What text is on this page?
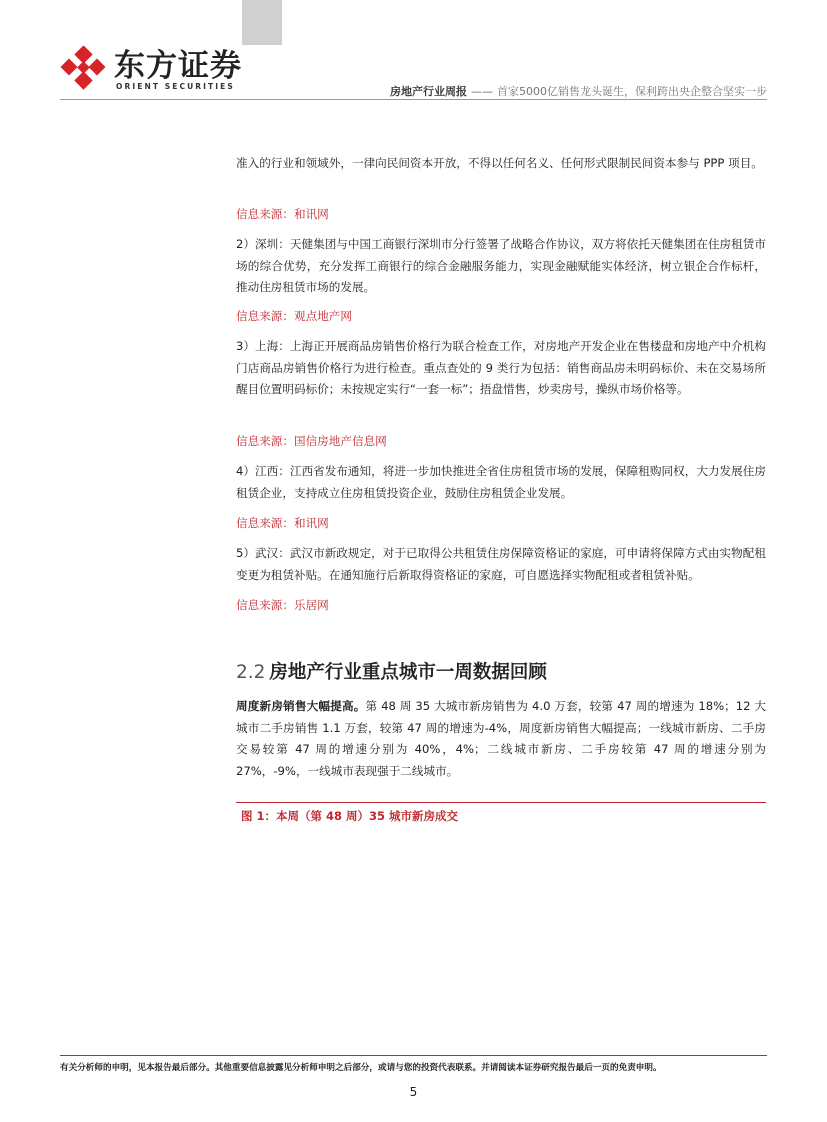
东方证券
ORIENT SECURITIES	房地产行业周报 —— 首家5000亿销售龙头诞生，保利跨出央企整合坚实一步
准入的行业和领域外，一律向民间资本开放，不得以任何名义、任何形式限制民间资本参与 PPP 项目。
信息来源：和讯网
2）深圳：天健集团与中国工商银行深圳市分行签署了战略合作协议，双方将依托天健集团在住房租赁市场的综合优势，充分发挥工商银行的综合金融服务能力，实现金融赋能实体经济，树立银企合作标杆，推动住房租赁市场的发展。
信息来源：观点地产网
3）上海：上海正开展商品房销售价格行为联合检查工作，对房地产开发企业在售楼盘和房地产中介机构门店商品房销售价格行为进行检查。重点查处的 9 类行为包括：销售商品房未明码标价、未在交易场所醒目位置明码标价；未按规定实行“一套一标”；捂盘惜售，炒卖房号，操纵市场价格等。
信息来源：国信房地产信息网
4）江西：江西省发布通知，将进一步加快推进全省住房租赁市场的发展，保障租购同权，大力发展住房租赁企业，支持成立住房租赁投资企业，鼓励住房租赁企业发展。
信息来源：和讯网
5）武汉：武汉市新政规定，对于已取得公共租赁住房保障资格证的家庭，可申请将保障方式由实物配租变更为租赁补贴。在通知施行后新取得资格证的家庭，可自愿选择实物配租或者租赁补贴。
信息来源：乐居网
2.2 房地产行业重点城市一周数据回顾
周度新房销售大幅提高。第 48 周 35 大城市新房销售为 4.0 万套，较第 47 周的增速为 18%；12 大城市二手房销售 1.1 万套，较第 47 周的增速为-4%，周度新房销售大幅提高；一线城市新房、二手房交易较第 47 周的增速分别为 40%，4%；二线城市新房、二手房较第 47 周的增速分别为 27%，-9%，一线城市表现强于二线城市。
图 1：本周（第 48 周）35 城市新房成交
有关分析师的申明，见本报告最后部分。其他重要信息披露见分析师申明之后部分，或请与您的投资代表联系。并请阅读本证券研究报告最后一页的免责申明。
5
